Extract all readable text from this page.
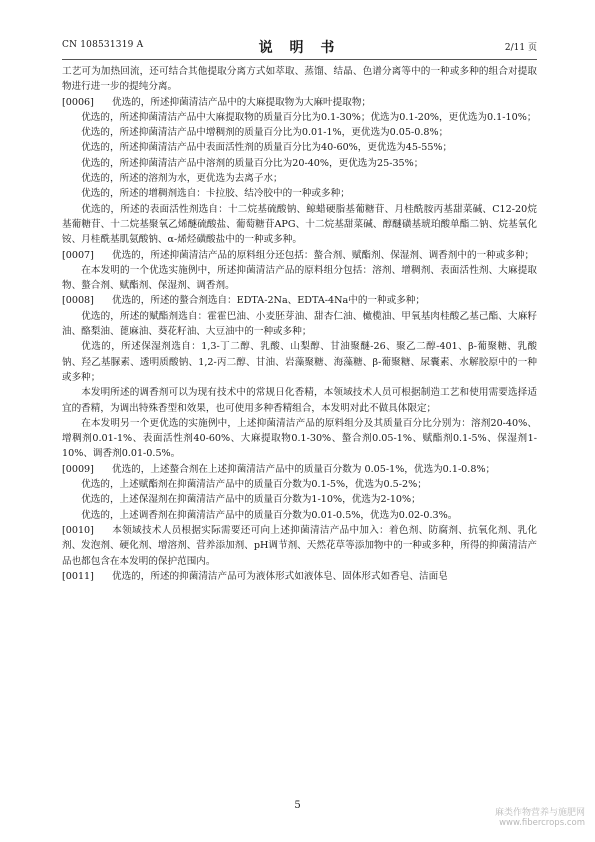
CN 108531319 A	说 明 书	2/11 页

工艺可为加热回流，还可结合其他提取分离方式如萃取、蒸馏、结晶、色谱分离等中的一种或多种的组合对提取物进行进一步的提纯分离。

[0006] 优选的，所述抑菌清洁产品中的大麻提取物为大麻叶提取物；

优选的，所述抑菌清洁产品中大麻提取物的质量百分比为0.1-30%；优选为0.1-20%，更优选为0.1-10%；

优选的，所述抑菌清洁产品中增稠剂的质量百分比为0.01-1%，更优选为0.05-0.8%；

优选的，所述抑菌清洁产品中表面活性剂的质量百分比为40-60%，更优选为45-55%；

优选的，所述抑菌清洁产品中溶剂的质量百分比为20-40%，更优选为25-35%；

优选的，所述的溶剂为水，更优选为去离子水；

优选的，所述的增稠剂选自：卡拉胶、结冷胶中的一种或多种；

优选的，所述的表面活性剂选自：十二烷基硫酸钠、鲸蜡硬脂基葡糖苷、月桂酰胺丙基甜菜碱、C12-20烷基葡糖苷、十二烷基聚氧乙烯醚硫酸盐、葡萄糖苷APG、十二烷基甜菜碱、醇醚磺基琥珀酸单酯二钠、烷基氧化铵、月桂酰基肌氨酸钠、α-烯烃磺酸盐中的一种或多种。

[0007] 优选的，所述抑菌清洁产品的原料组分还包括：螯合剂、赋酯剂、保湿剂、调香剂中的一种或多种；

在本发明的一个优选实施例中，所述抑菌清洁产品的原料组分包括：溶剂、增稠剂、表面活性剂、大麻提取物、螯合剂、赋酯剂、保湿剂、调香剂。

[0008] 优选的，所述的螯合剂选自：EDTA-2Na、EDTA-4Na中的一种或多种；

优选的，所述的赋酯剂选自：霍霍巴油、小麦胚芽油、甜杏仁油、橄榄油、甲氧基肉桂酸乙基己酯、大麻籽油、酪梨油、蓖麻油、葵花籽油、大豆油中的一种或多种；

优选的，所述保湿剂选自：1,3-丁二醇、乳酸、山梨醇、甘油聚醚-26、聚乙二醇-401、β-葡聚糖、乳酸钠、羟乙基脲素、透明质酸钠、1,2-丙二醇、甘油、岩藻聚糖、海藻糖、β-葡聚糖、尿囊素、水解胶原中的一种或多种；

本发明所述的调香剂可以为现有技术中的常规日化香精，本领域技术人员可根据制造工艺和使用需要选择适宜的香精，为调出特殊香型和效果，也可使用多种香精组合，本发明对此不做具体限定；

在本发明另一个更优选的实施例中，上述抑菌清洁产品的原料组分及其质量百分比分别为：溶剂20-40%、增稠剂0.01-1%、表面活性剂40-60%、大麻提取物0.1-30%、螯合剂0.05-1%、赋酯剂0.1-5%、保湿剂1-10%、调香剂0.01-0.5%。

[0009] 优选的，上述螯合剂在上述抑菌清洁产品中的质量百分数为 0.05-1%，优选为0.1-0.8%；

优选的，上述赋酯剂在抑菌清洁产品中的质量百分数为0.1-5%，优选为0.5-2%；

优选的，上述保湿剂在抑菌清洁产品中的质量百分数为1-10%，优选为2-10%；

优选的，上述调香剂在抑菌清洁产品中的质量百分数为0.01-0.5%，优选为0.02-0.3%。

[0010] 本领域技术人员根据实际需要还可向上述抑菌清洁产品中加入：着色剂、防腐剂、抗氧化剂、乳化剂、发泡剂、硬化剂、增溶剂、营养添加剂、pH调节剂、天然花草等添加物中的一种或多种，所得的抑菌清洁产品也都包含在本发明的保护范围内。

[0011] 优选的，所述的抑菌清洁产品可为液体形式如液体皂、固体形式如香皂、洁面皂

5
麻类作物营养与施肥网
www.fibercrops.com
